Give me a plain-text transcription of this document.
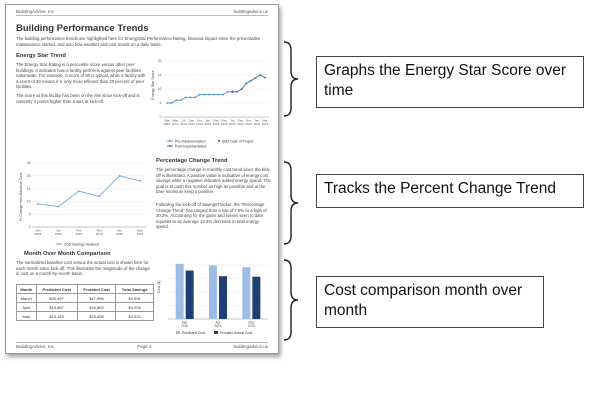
BuildingAdvice, Inc.	buildingadvice.us
Building Performance Trends

The building performance trends are highlighted here for EnergyStar Performance Rating, financial impact since the preventative maintenance started, and also how weather and cost trends on a daily basis.

Energy Star Trend

The Energy Star Rating is a percentile score versus other peer buildings. It indicates how a facility performs against peer facilities nationwide. For example, a score of 50 is typical, while a facility with a score of 30 means it is only more efficient than 30 percent of peer facilities.

The score at this facility has been on the rise since kick-off and is currently 4 points higher than it was at kick-off.

0
5
10
15
20
Mar 2014
May 2014
Jul 2014
Sep 2014
Nov 2014
Jan 2015
Mar 2015
May 2015
Jul 2015
Sep 2015
Nov 2015
Jan 2016
Mar 2016
Energy Star Score
Pre-Implementation	Start Date of Project
Post-Implementation
0
5
10
15
20
25
Dec 2015
Jan 2016
Feb 2016
Mar 2016
Apr 2016
May 2016
% Change from Baseline Cost
Cost Savings Variance
Percentage Change Trend

The percentage change in monthly cost trend since the kick-off is illustrated. A positive value is indicative of energy cost savings while a negative indicates added energy spend. The goal is to push this number as high as possible and at the bare minimum keep it positive.

Following the kick-off of SavingsTracker, the "Percentage Change Trend" has ranged from a low of 7.9% to a high of 20.2%. Accounting for the gains and losses seen to date equates to an average 13.3% decrease in total energy spend.

Month Over Month Comparison

The normalized baseline cost versus the actual cost is shown here for each month since kick-off. This illustrates the magnitude of the change in cost on a month-by-month basis.

Month	Predicted Cost	Prorated Cost	Total Savings
March	$20,457	$17,956	$2,501
April	$19,887	$15,863	$4,024
May	$19,183	$15,658	$3,524
Cost ($)
Mar 2016
Apr 2016
May 2016
Predicted Cost	Prorated Actual Cost
BuildingAdvice, Inc.	Page 3	buildingadvice.us
Graphs the Energy Star Score over time
Tracks the Percent Change Trend
Cost comparison month over month
